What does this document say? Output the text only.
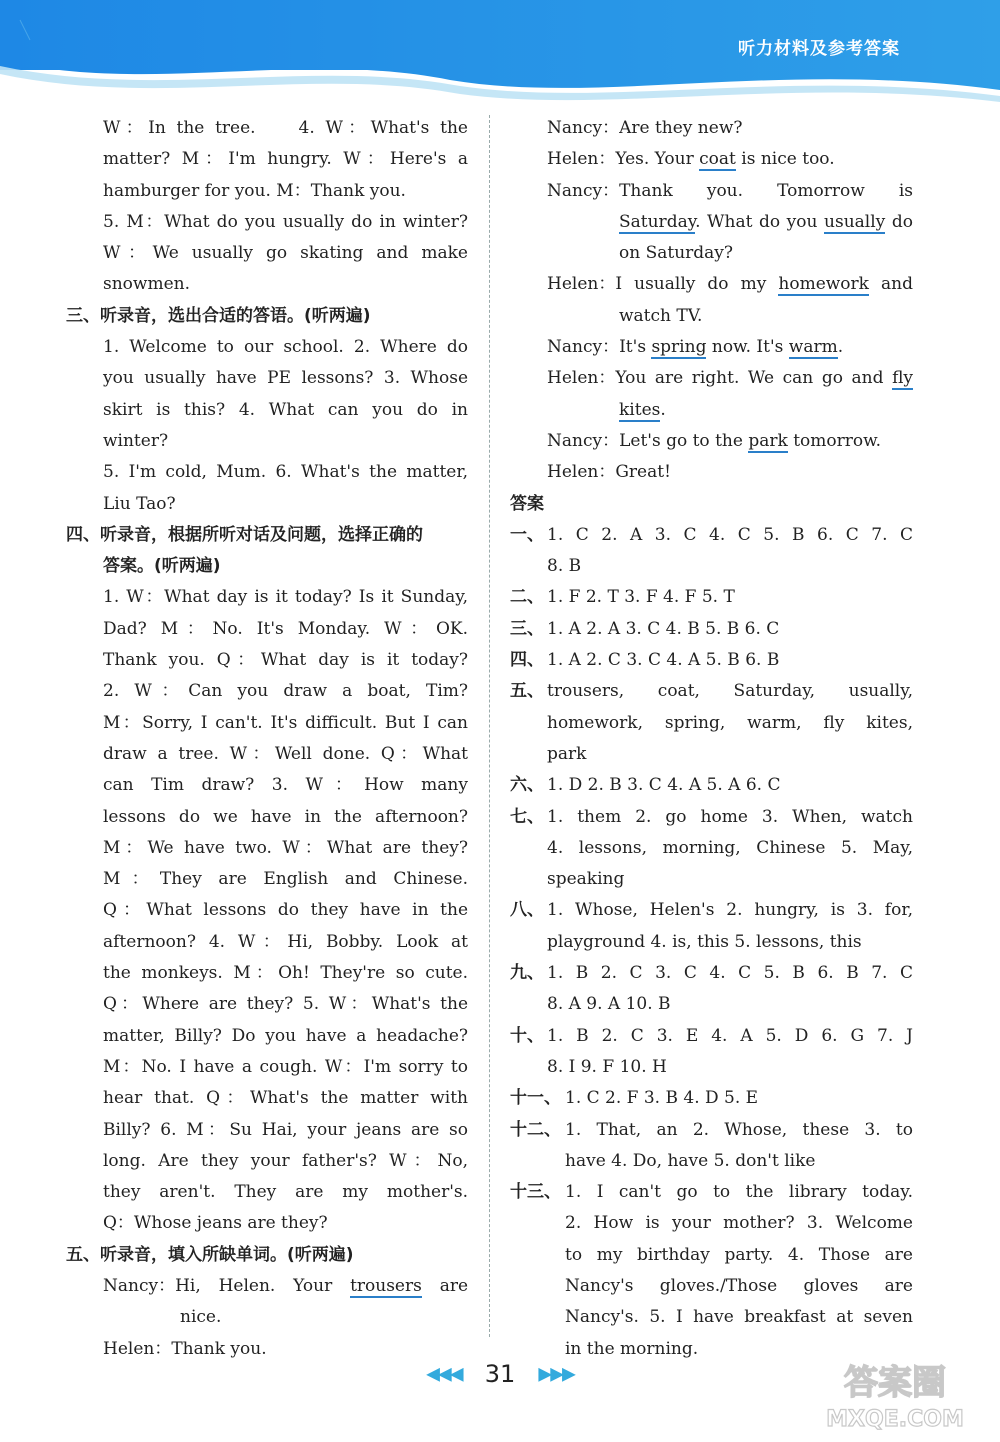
听力材料及参考答案
W：In the tree.	4. W：What's the
matter? M：I'm hungry. W：Here's a
hamburger for you. M：Thank you.
5. M：What do you usually do in winter?
W：We usually go skating and make
snowmen.
三、听录音，选出合适的答语。(听两遍)
1. Welcome to our school. 2. Where do
you usually have PE lessons? 3. Whose
skirt is this? 4. What can you do in winter?
5. I'm cold, Mum. 6. What's the matter,
Liu Tao?
四、听录音，根据所听对话及问题，选择正确的
答案。(听两遍)
1. W：What day is it today? Is it Sunday,
Dad? M：No. It's Monday. W：OK.
Thank you. Q：What day is it today?
2. W：Can you draw a boat, Tim?
M：Sorry, I can't. It's difficult. But I can
draw a tree. W：Well done. Q：What
can Tim draw? 3. W：How many
lessons do we have in the afternoon?
M：We have two. W：What are they?
M：They are English and Chinese.
Q：What lessons do they have in the
afternoon? 4. W：Hi, Bobby. Look at
the monkeys. M：Oh! They're so cute.
Q：Where are they? 5. W：What's the
matter, Billy? Do you have a headache?
M：No. I have a cough. W：I'm sorry to
hear that. Q：What's the matter with
Billy? 6. M：Su Hai, your jeans are so
long. Are they your father's? W：No,
they aren't. They are my mother's.
Q：Whose jeans are they?
五、听录音，填入所缺单词。(听两遍)
Nancy： Hi, Helen. Your trousers are
nice.
Helen： Thank you.
Nancy： Are they new?
Helen： Yes. Your coat is nice too.
Nancy： Thank you. Tomorrow is
Saturday. What do you usually do
on Saturday?
Helen： I usually do my homework and
watch TV.
Nancy： It's spring now. It's warm.
Helen： You are right. We can go and fly
kites.
Nancy： Let's go to the park tomorrow.
Helen： Great!
答案
一、 1. C 2. A 3. C 4. C 5. B 6. C 7. C
8. B
二、 1. F 2. T 3. F 4. F 5. T
三、 1. A 2. A 3. C 4. B 5. B 6. C
四、 1. A 2. C 3. C 4. A 5. B 6. B
五、 trousers, coat, Saturday, usually,
homework, spring, warm, fly kites,
park
六、 1. D 2. B 3. C 4. A 5. A 6. C
七、 1. them 2. go home 3. When, watch
4. lessons, morning, Chinese 5. May,
speaking
八、 1. Whose, Helen's 2. hungry, is 3. for,
playground 4. is, this 5. lessons, this
九、 1. B 2. C 3. C 4. C 5. B 6. B 7. C
8. A 9. A 10. B
十、 1. B 2. C 3. E 4. A 5. D 6. G 7. J
8. I 9. F 10. H
十一、 1. C 2. F 3. B 4. D 5. E
十二、 1. That, an 2. Whose, these 3. to
have 4. Do, have 5. don't like
十三、 1. I can't go to the library today.
2. How is your mother? 3. Welcome
to my birthday party. 4. Those are
Nancy's gloves./Those gloves are
Nancy's. 5. I have breakfast at seven
in the morning.
◀◀◀ 31 ▶▶▶	答案圈
MXQE.COM
